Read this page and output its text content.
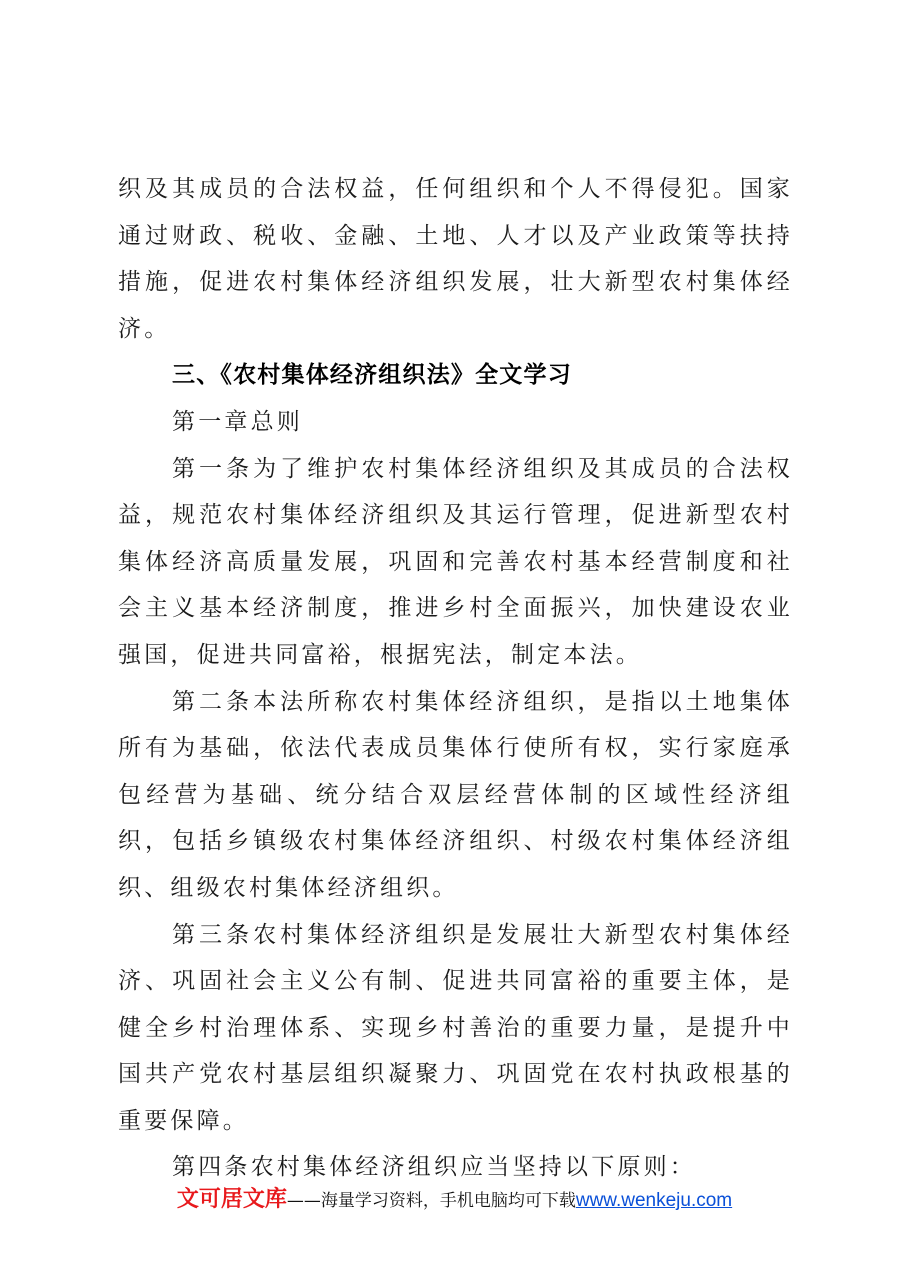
织及其成员的合法权益，任何组织和个人不得侵犯。国家通过财政、税收、金融、土地、人才以及产业政策等扶持措施，促进农村集体经济组织发展，壮大新型农村集体经济。

三、《农村集体经济组织法》全文学习

第一章总则

第一条为了维护农村集体经济组织及其成员的合法权益，规范农村集体经济组织及其运行管理，促进新型农村集体经济高质量发展，巩固和完善农村基本经营制度和社会主义基本经济制度，推进乡村全面振兴，加快建设农业强国，促进共同富裕，根据宪法，制定本法。

第二条本法所称农村集体经济组织，是指以土地集体所有为基础，依法代表成员集体行使所有权，实行家庭承包经营为基础、统分结合双层经营体制的区域性经济组织，包括乡镇级农村集体经济组织、村级农村集体经济组织、组级农村集体经济组织。

第三条农村集体经济组织是发展壮大新型农村集体经济、巩固社会主义公有制、促进共同富裕的重要主体，是健全乡村治理体系、实现乡村善治的重要力量，是提升中国共产党农村基层组织凝聚力、巩固党在农村执政根基的重要保障。

第四条农村集体经济组织应当坚持以下原则：

文可居文库——海量学习资料，手机电脑均可下载www.wenkeju.com
